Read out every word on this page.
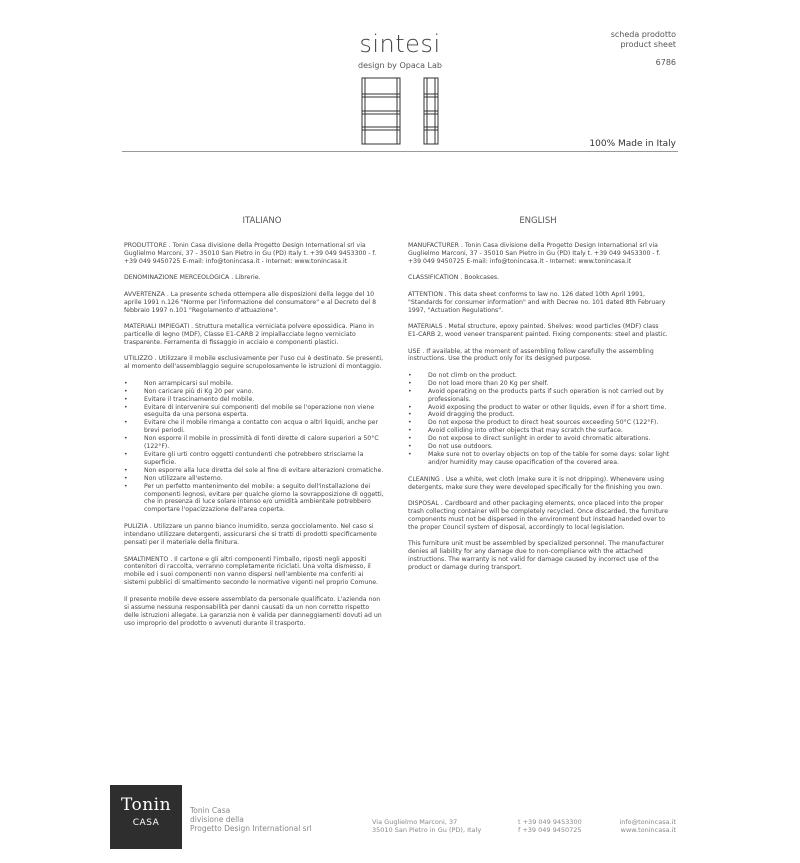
sintesi
design by Opaca Lab
scheda prodotto
product sheet
6786
100% Made in Italy
ITALIANO	ENGLISH

PRODUTTORE . Tonin Casa divisione della Progetto Design International srl via Guglielmo Marconi, 37 - 35010 San Pietro in Gu (PD) Italy t. +39 049 9453300 - f. +39 049 9450725 E-mail: info@tonincasa.it - Internet: www.tonincasa.it

DENOMINAZIONE MERCEOLOGICA . Librerie.

AVVERTENZA . La presente scheda ottempera alle disposizioni della legge del 10 aprile 1991 n.126 "Norme per l'informazione del consumatore" e al Decreto del 8 febbraio 1997 n.101 "Regolamento d'attuazione".

MATERIALI IMPIEGATI . Struttura metallica verniciata polvere epossidica. Piano in particelle di legno (MDF), Classe E1-CARB 2 impiallacciate legno verniciato trasparente. Ferramenta di fissaggio in acciaio e componenti plastici.

UTILIZZO . Utilizzare il mobile esclusivamente per l'uso cui è destinato. Se presenti, al momento dell'assemblaggio seguire scrupolosamente le istruzioni di montaggio.

• Non arrampicarsi sul mobile.
• Non caricare più di Kg 20 per vano.
• Evitare il trascinamento del mobile.
• Evitare di intervenire sui componenti del mobile se l'operazione non viene eseguita da una persona esperta.
• Evitare che il mobile rimanga a contatto con acqua o altri liquidi, anche per brevi periodi.
• Non esporre il mobile in prossimità di fonti dirette di calore superiori a 50°C (122°F).
• Evitare gli urti contro oggetti contundenti che potrebbero strisciarne la superficie.
• Non esporre alla luce diretta del sole al fine di evitare alterazioni cromatiche.
• Non utilizzare all'esterno.
• Per un perfetto mantenimento del mobile: a seguito dell'installazione dei componenti legnosi, evitare per qualche giorno la sovrapposizione di oggetti, che in presenza di luce solare intenso e/o umidità ambientale potrebbero comportare l'opacizzazione dell'area coperta.

PULIZIA . Utilizzare un panno bianco inumidito, senza gocciolamento. Nel caso si intendano utilizzare detergenti, assicurarsi che si tratti di prodotti specificamente pensati per il materiale della finitura.

SMALTIMENTO . Il cartone e gli altri componenti l'imballo, riposti negli appositi contenitori di raccolta, verranno completamente riciclati. Una volta dismesso, il mobile ed i suoi componenti non vanno dispersi nell'ambiente ma conferiti ai sistemi pubblici di smaltimento secondo le normative vigenti nel proprio Comune.

Il presente mobile deve essere assemblato da personale qualificato. L'azienda non si assume nessuna responsabilità per danni causati da un non corretto rispetto delle istruzioni allegate. La garanzia non è valida per danneggiamenti dovuti ad un uso improprio del prodotto o avvenuti durante il trasporto.

MANUFACTURER . Tonin Casa divisione della Progetto Design International srl via Guglielmo Marconi, 37 - 35010 San Pietro in Gu (PD) Italy t. +39 049 9453300 - f. +39 049 9450725 E-mail: info@tonincasa.it - Internet: www.tonincasa.it

CLASSIFICATION . Bookcases.

ATTENTION . This data sheet conforms to law no. 126 dated 10th April 1991, "Standards for consumer information" and with Decree no. 101 dated 8th February 1997, "Actuation Regulations".

MATERIALS . Metal structure, epoxy painted. Shelves: wood particles (MDF) class E1-CARB 2, wood veneer transparent painted. Fixing components: steel and plastic.

USE . If available, at the moment of assembling follow carefully the assembling instructions. Use the product only for its designed purpose.

• Do not climb on the product.
• Do not load more than 20 Kg per shelf.
• Avoid operating on the products parts if such operation is not carried out by professionals.
• Avoid exposing the product to water or other liquids, even if for a short time.
• Avoid dragging the product.
• Do not expose the product to direct heat sources exceeding 50°C (122°F).
• Avoid colliding into other objects that may scratch the surface.
• Do not expose to direct sunlight in order to avoid chromatic alterations.
• Do not use outdoors.
• Make sure not to overlay objects on top of the table for some days: solar light and/or humidity may cause opacification of the covered area.

CLEANING . Use a white, wet cloth (make sure it is not dripping). Whenevere using detergents, make sure they were developed specifically for the finishing you own.

DISPOSAL . Cardboard and other packaging elements, once placed into the proper trash collecting container will be completely recycled. Once discarded, the furniture components must not be dispersed in the environment but instead handed over to the proper Council system of disposal, accordingly to local legislation.

This furniture unit must be assembled by specialized personnel. The manufacturer denies all liability for any damage due to non-compliance with the attached instructions. The warranty is not valid for damage caused by incorrect use of the product or damage during transport.

Tonin
CASA
Tonin Casa
divisione della
Progetto Design International srl
Via Guglielmo Marconi, 37
35010 San Pietro in Gu (PD), Italy
t +39 049 9453300
f +39 049 9450725
info@tonincasa.it
www.tonincasa.it
